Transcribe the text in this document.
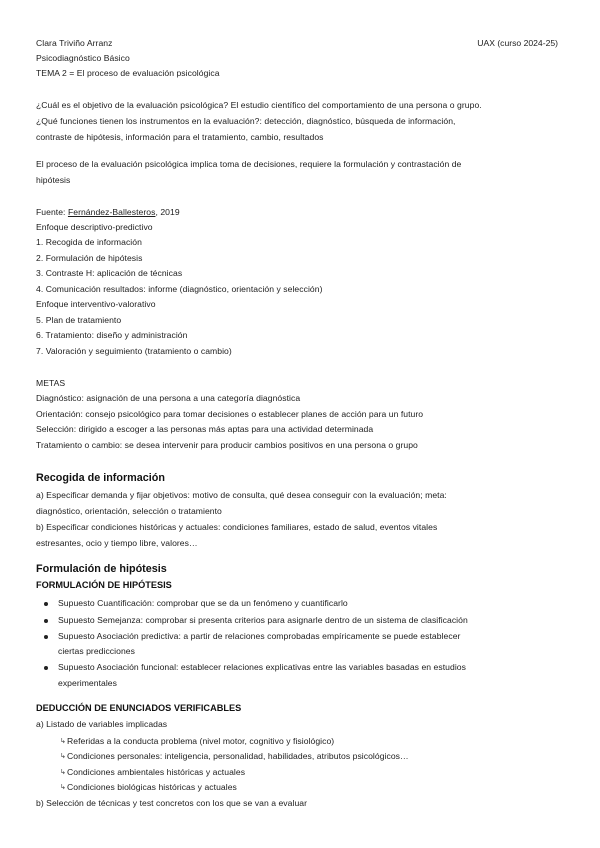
Clara Triviño Arranz	UAX (curso 2024-25)
Psicodiagnóstico Básico
TEMA 2 = El proceso de evaluación psicológica
¿Cuál es el objetivo de la evaluación psicológica? El estudio científico del comportamiento de una persona o grupo.
¿Qué funciones tienen los instrumentos en la evaluación?: detección, diagnóstico, búsqueda de información,
contraste de hipótesis, información para el tratamiento, cambio, resultados
El proceso de la evaluación psicológica implica toma de decisiones, requiere la formulación y contrastación de
hipótesis
Fuente: Fernández-Ballesteros, 2019
Enfoque descriptivo-predictivo
1. Recogida de información
2. Formulación de hipótesis
3. Contraste H: aplicación de técnicas
4. Comunicación resultados: informe (diagnóstico, orientación y selección)
Enfoque interventivo-valorativo
5. Plan de tratamiento
6. Tratamiento: diseño y administración
7. Valoración y seguimiento (tratamiento o cambio)
METAS
Diagnóstico: asignación de una persona a una categoría diagnóstica
Orientación: consejo psicológico para tomar decisiones o establecer planes de acción para un futuro
Selección: dirigido a escoger a las personas más aptas para una actividad determinada
Tratamiento o cambio: se desea intervenir para producir cambios positivos en una persona o grupo
Recogida de información
a) Especificar demanda y fijar objetivos: motivo de consulta, qué desea conseguir con la evaluación; meta:
diagnóstico, orientación, selección o tratamiento
b) Especificar condiciones históricas y actuales: condiciones familiares, estado de salud, eventos vitales
estresantes, ocio y tiempo libre, valores…
Formulación de hipótesis
FORMULACIÓN DE HIPÓTESIS
Supuesto Cuantificación: comprobar que se da un fenómeno y cuantificarlo
Supuesto Semejanza: comprobar si presenta criterios para asignarle dentro de un sistema de clasificación
Supuesto Asociación predictiva: a partir de relaciones comprobadas empíricamente se puede establecer
ciertas predicciones
Supuesto Asociación funcional: establecer relaciones explicativas entre las variables basadas en estudios
experimentales
DEDUCCIÓN DE ENUNCIADOS VERIFICABLES
a) Listado de variables implicadas
↳ Referidas a la conducta problema (nivel motor, cognitivo y fisiológico)
↳ Condiciones personales: inteligencia, personalidad, habilidades, atributos psicológicos…
↳ Condiciones ambientales históricas y actuales
↳ Condiciones biológicas históricas y actuales
b) Selección de técnicas y test concretos con los que se van a evaluar
